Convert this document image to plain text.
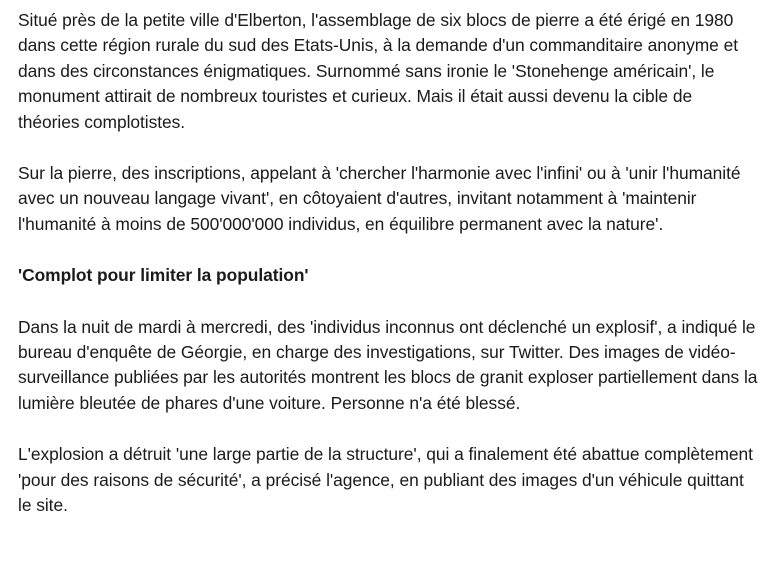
Situé près de la petite ville d'Elberton, l'assemblage de six blocs de pierre a été érigé en 1980 dans cette région rurale du sud des Etats-Unis, à la demande d'un commanditaire anonyme et dans des circonstances énigmatiques. Surnommé sans ironie le 'Stonehenge américain', le monument attirait de nombreux touristes et curieux. Mais il était aussi devenu la cible de théories complotistes.

Sur la pierre, des inscriptions, appelant à 'chercher l'harmonie avec l'infini' ou à 'unir l'humanité avec un nouveau langage vivant', en côtoyaient d'autres, invitant notamment à 'maintenir l'humanité à moins de 500'000'000 individus, en équilibre permanent avec la nature'.

'Complot pour limiter la population'

Dans la nuit de mardi à mercredi, des 'individus inconnus ont déclenché un explosif', a indiqué le bureau d'enquête de Géorgie, en charge des investigations, sur Twitter. Des images de vidéo-surveillance publiées par les autorités montrent les blocs de granit exploser partiellement dans la lumière bleutée de phares d'une voiture. Personne n'a été blessé.

L'explosion a détruit 'une large partie de la structure', qui a finalement été abattue complètement 'pour des raisons de sécurité', a précisé l'agence, en publiant des images d'un véhicule quittant le site.
